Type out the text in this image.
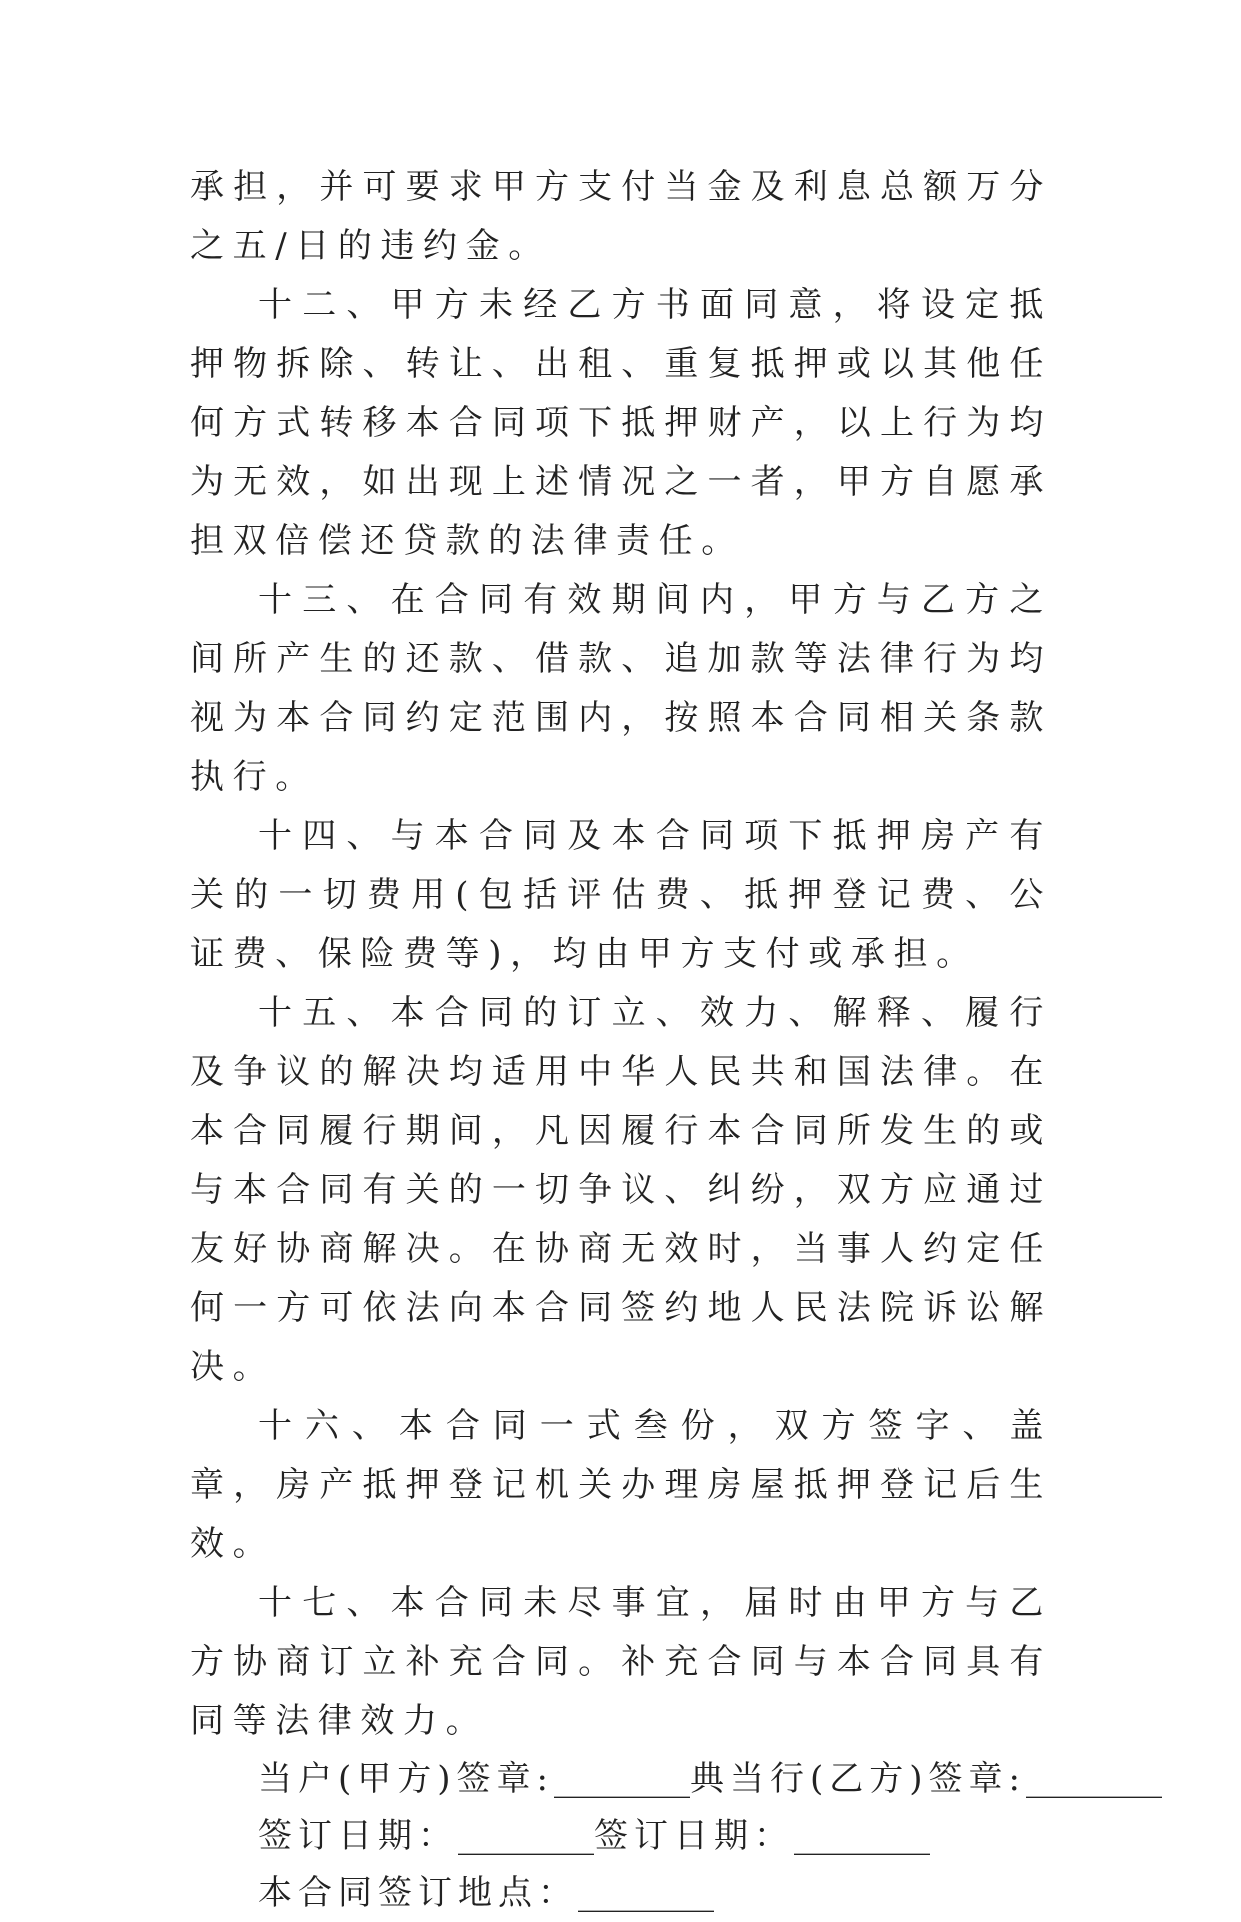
承担，并可要求甲方支付当金及利息总额万分之五/日的违约金。

十二、甲方未经乙方书面同意，将设定抵押物拆除、转让、出租、重复抵押或以其他任何方式转移本合同项下抵押财产，以上行为均为无效，如出现上述情况之一者，甲方自愿承担双倍偿还贷款的法律责任。

十三、在合同有效期间内，甲方与乙方之间所产生的还款、借款、追加款等法律行为均视为本合同约定范围内，按照本合同相关条款执行。

十四、与本合同及本合同项下抵押房产有关的一切费用(包括评估费、抵押登记费、公证费、保险费等)，均由甲方支付或承担。

十五、本合同的订立、效力、解释、履行及争议的解决均适用中华人民共和国法律。在本合同履行期间，凡因履行本合同所发生的或与本合同有关的一切争议、纠纷，双方应通过友好协商解决。在协商无效时，当事人约定任何一方可依法向本合同签约地人民法院诉讼解决。

十六、本合同一式叁份，双方签字、盖章，房产抵押登记机关办理房屋抵押登记后生效。

十七、本合同未尽事宜，届时由甲方与乙方协商订立补充合同。补充合同与本合同具有同等法律效力。

当户(甲方)签章:________典当行(乙方)签章:________

签订日期：________签订日期：________

本合同签订地点：________
